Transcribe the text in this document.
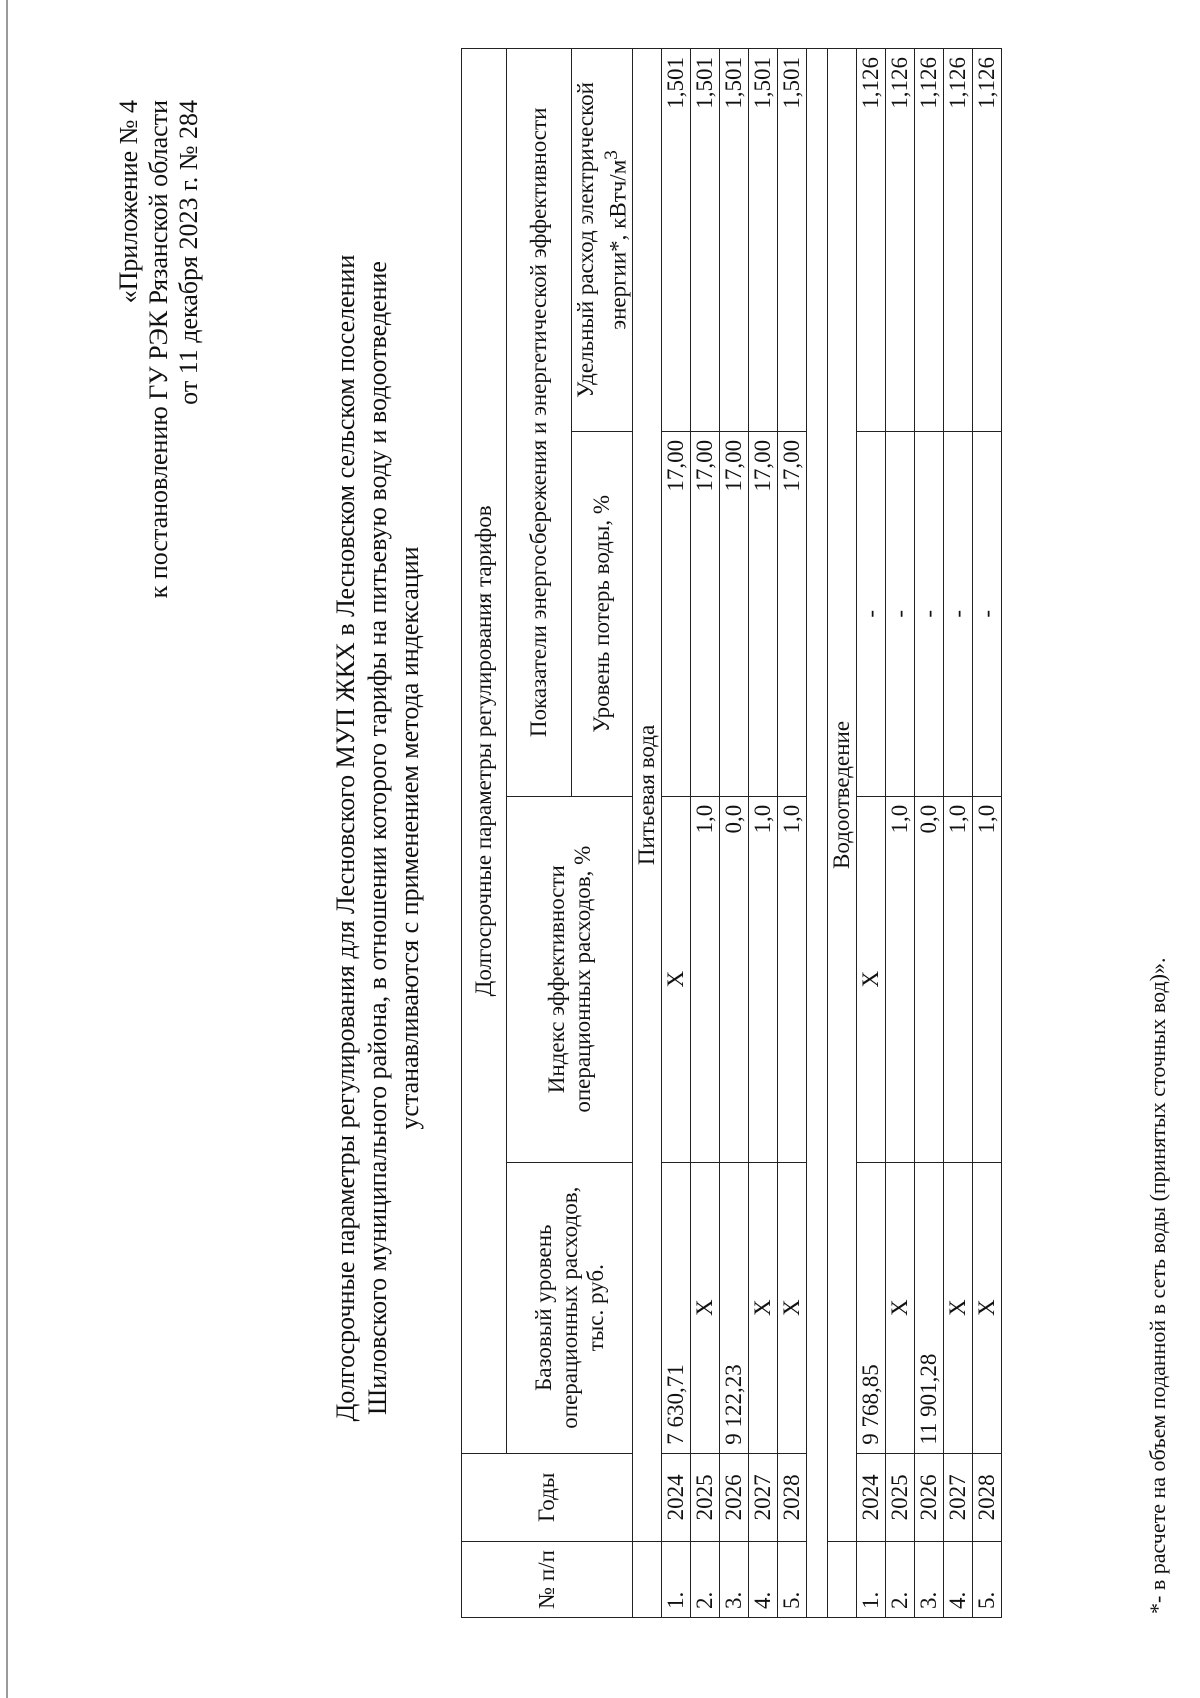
«Приложение № 4 к постановлению ГУ РЭК Рязанской области от 11 декабря 2023 г. № 284
Долгосрочные параметры регулирования для Лесновского МУП ЖКХ в Лесновском сельском поселении Шиловского муниципального района, в отношении которого тарифы на питьевую воду и водоотведение устанавливаются с применением метода индексации
№ п/п	Годы	Долгосрочные параметры регулирования тарифов			
		Базовый уровень операционных расходов, тыс. руб.	Индекс эффективности операционных расходов, %	Показатели энергосбережения и энергетической эффективности	
				Уровень потерь воды, %	Удельный расход электрической энергии*, кВтч/$м^3$
	Питьевая вода				
1.	2024	7 630,71	Х	17,00	1,501
2.	2025	Х	1,0	17,00	1,501
3.	2026	9 122,23	0,0	17,00	1,501
4.	2027	Х	1,0	17,00	1,501
5.	2028	Х	1,0	17,00	1,501

	Водоотведение				
1.	2024	9 768,85	Х	-	1,126
2.	2025	Х	1,0	-	1,126
3.	2026	11 901,28	0,0	-	1,126
4.	2027	Х	1,0	-	1,126
5.	2028	Х	1,0	-	1,126
*- в расчете на объем поданной в сеть воды (принятых сточных вод)».
